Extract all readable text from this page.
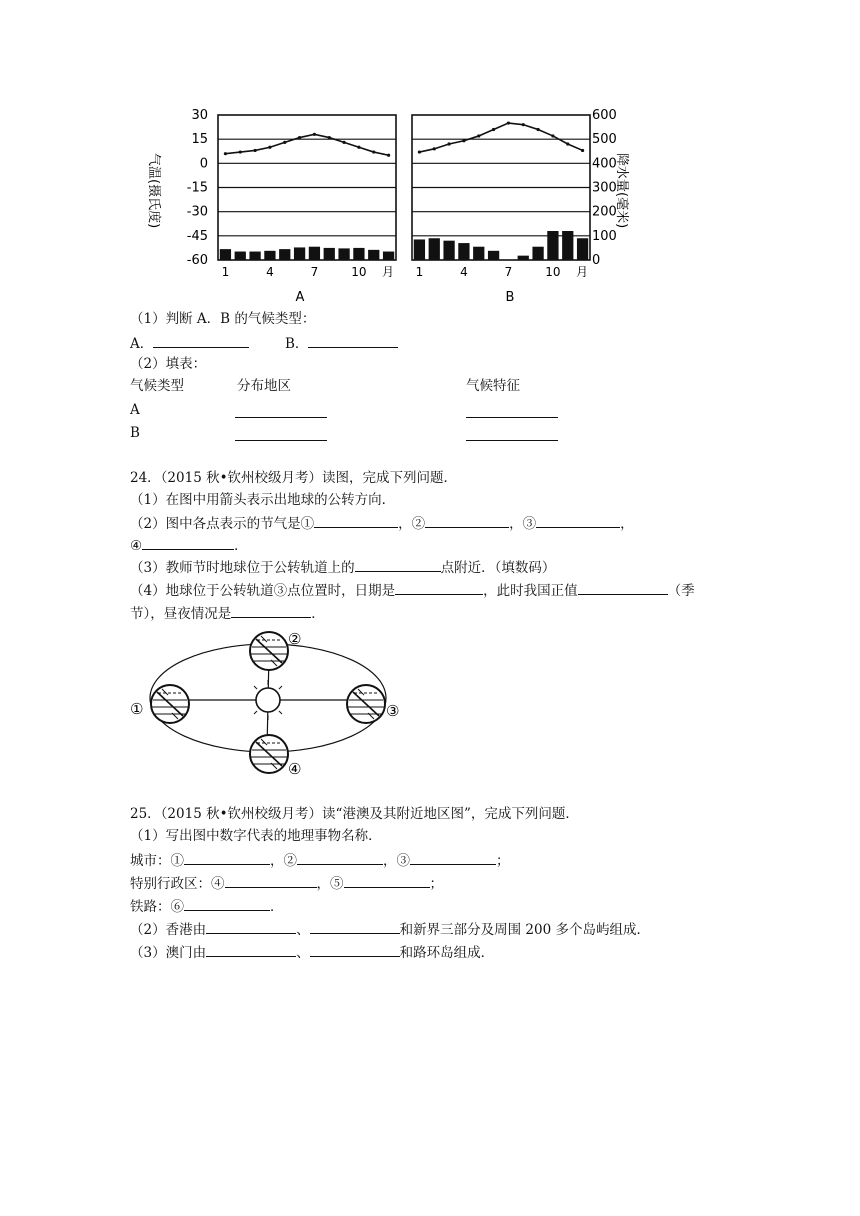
30
15
0
-15
-30
-45
-60
600
500
400
300
200
100
0
1	4	7	10 月 1	4	7	10 月
气温(摄氏度)	降水量(毫米)
A	B
（1）判断 A．B 的气候类型：
A．	B．
（2）填表：
气候类型	分布地区	气候特征
A
B
24．（2015 秋•钦州校级月考）读图，完成下列问题．
（1）在图中用箭头表示出地球的公转方向．
（2）图中各点表示的节气是①	，②	，③	，
④	．
（3）教师节时地球位于公转轨道上的	点附近．（填数码）
（4）地球位于公转轨道③点位置时，日期是	，此时我国正值	（季
节），昼夜情况是	．
①
②
③
④
25．（2015 秋•钦州校级月考）读“港澳及其附近地区图”，完成下列问题．
（1）写出图中数字代表的地理事物名称．
城市：①	，②	，③	；
特别行政区：④	，⑤	；
铁路：⑥	．
（2）香港由	、	和新界三部分及周围 200 多个岛屿组成．
（3）澳门由	、	和路环岛组成．
